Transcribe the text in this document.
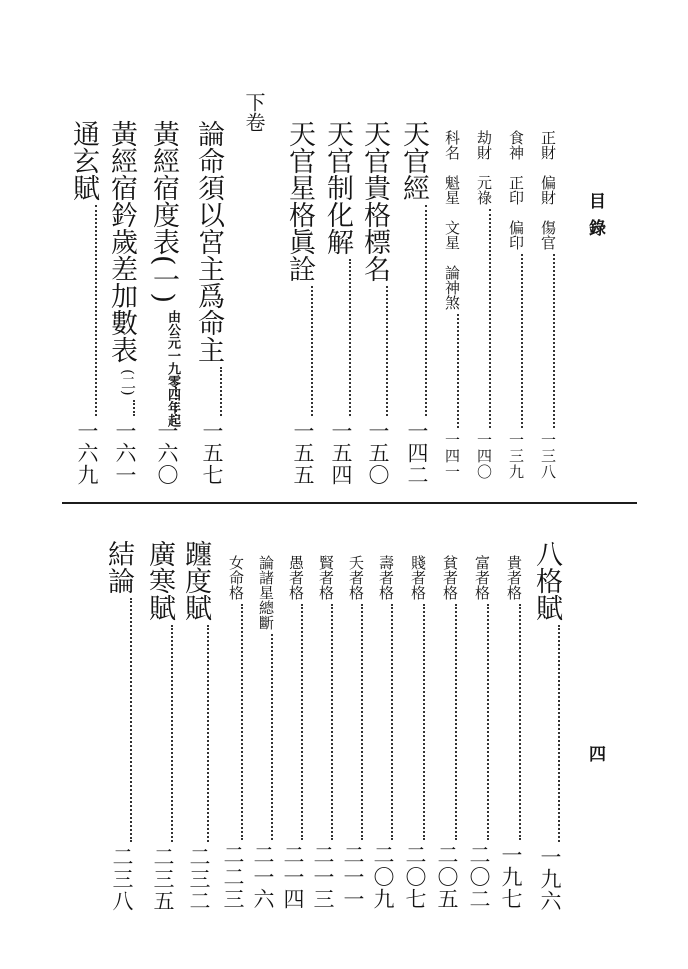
目錄
四
正財　偏財　傷官
一三八
食神　正印　偏印
一三九
劫財　元祿
一四〇
科名　魁星　文星　論神煞
一四一
天官經
一四二
天官貴格標名
一五〇
天官制化解
一五四
天官星格眞詮
一五五
下卷
論命須以宮主爲命主
一五七
黃經宿度表(一)
一六〇
由公元一九零四年起
黃經宿鈐歲差加數表
(二)
一六一
通玄賦
一六九
八格賦
一九六
貴者格
一九七
富者格
二〇二
貧者格
二〇五
賤者格
二〇七
壽者格
二〇九
夭者格
二一一
賢者格
二一三
愚者格
二一四
論諸星總斷
二一六
女命格
二二三
躔度賦
二三二
廣寒賦
二三五
結論
二三八
